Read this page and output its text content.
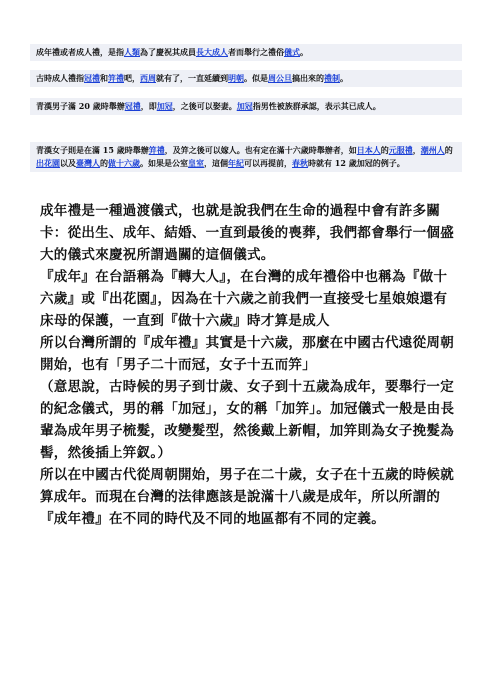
成年禮或者成人禮，是指人類為了慶祝其成員長大成人者而舉行之禮俗儀式。
古時成人禮指冠禮和笄禮吧，西周就有了，一直延續到明朝。似是周公旦搞出來的禮制。
青漢男子滿 20 歲時舉辦冠禮，即加冠，之後可以娶妻。加冠指男性被族群承認，表示其已成人。
青漢女子則是在滿 15 歲時舉辦笄禮，及笄之後可以嫁人。也有定在滿十六歲時舉辦者，如日本人的元服禮，潮州人的出花園以及臺灣人的做十六歲。如果是公室皇室，這個年紀可以再提前，春秋時就有 12 歲加冠的例子。

成年禮是一種過渡儀式，也就是說我們在生命的過程中會有許多關卡：從出生、成年、結婚、一直到最後的喪葬，我們都會舉行一個盛大的儀式來慶祝所謂過關的這個儀式。

『成年』在台語稱為『轉大人』，在台灣的成年禮俗中也稱為『做十六歲』或『出花園』，因為在十六歲之前我們一直接受七星娘娘還有床母的保護，一直到『做十六歲』時才算是成人

所以台灣所謂的『成年禮』其實是十六歲，那麼在中國古代遠從周朝開始，也有「男子二十而冠，女子十五而笄」

（意思說，古時候的男子到廿歲、女子到十五歲為成年，要舉行一定的紀念儀式，男的稱「加冠」，女的稱「加笄」。加冠儀式一般是由長輩為成年男子梳髮，改變髮型，然後戴上新帽，加笄則為女子挽髮為髻，然後插上笄釵。）

所以在中國古代從周朝開始，男子在二十歲，女子在十五歲的時候就算成年。而現在台灣的法律應該是說滿十八歲是成年，所以所謂的『成年禮』在不同的時代及不同的地區都有不同的定義。
